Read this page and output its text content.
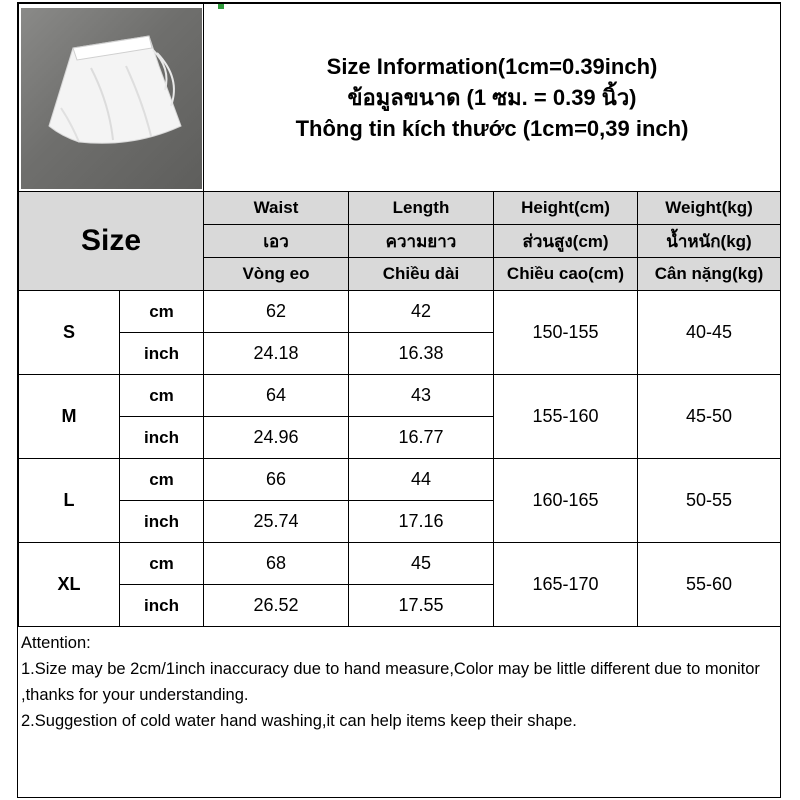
Size Information(1cm=0.39inch)
ข้อมูลขนาด (1 ซม. = 0.39 นิ้ว)
Thông tin kích thước (1cm=0,39 inch)			

Size		Waist	Length	Height(cm)	Weight(kg)
		เอว	ความยาว	ส่วนสูง(cm)	น้ำหนัก(kg)
		Vòng eo	Chiều dài	Chiều cao(cm)	Cân nặng(kg)
S	cm	62	42	150-155	40-45
	inch	24.18	16.38		
M	cm	64	43	155-160	45-50
	inch	24.96	16.77		
L	cm	66	44	160-165	50-55
	inch	25.74	17.16		
XL	cm	68	45	165-170	55-60
	inch	26.52	17.55		
Attention:
1.Size may be 2cm/1inch inaccuracy due to hand measure,Color may be little different due to monitor ,thanks for your understanding.
2.Suggestion of cold water hand washing,it can help items keep their shape.
